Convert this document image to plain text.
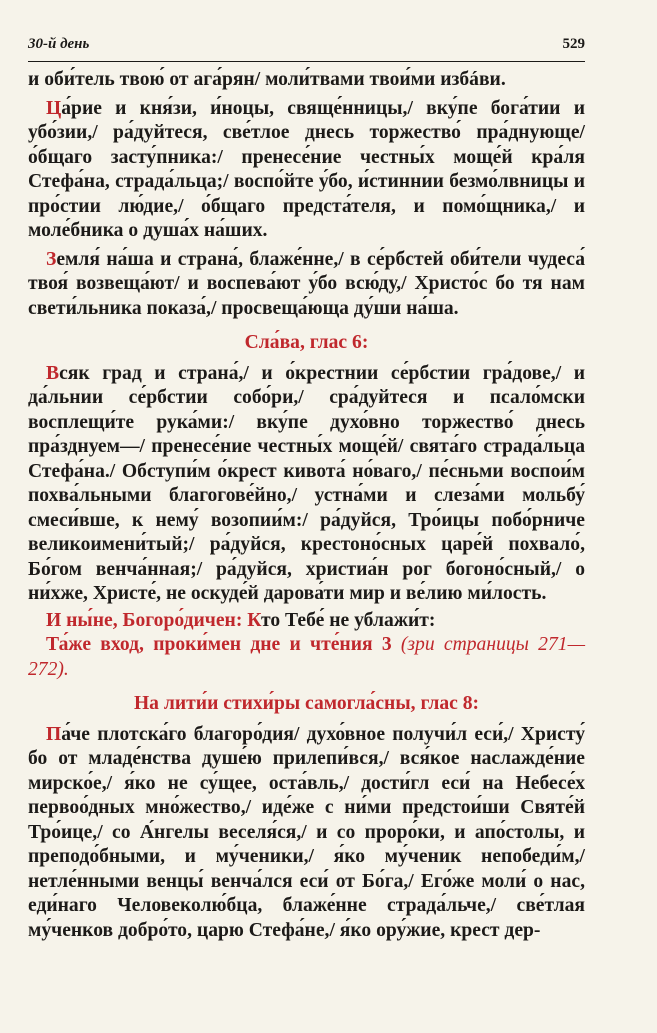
30-й день	529

и оби́тель твою́ от ага́рян/ моли́твами твои́ми избáви.

Ца́рие и кня́зи, и́ноцы, свяще́нницы,/ вку́пе бога́тии и убо́зии,/ ра́дуйтеся, све́тлое днесь торжество́ пра́днующе/ о́бщаго засту́пника:/ пренесе́ние честны́х моще́й кра́ля Стефа́на, страда́льца;/ воспо́йте у́бо, и́стиннии безмо́лвницы и про́стии лю́дие,/ о́бщаго предста́теля, и помо́щника,/ и моле́бника о душа́х на́ших.

Земля́ на́ша и страна́, блаже́нне,/ в се́рбстей оби́тели чудеса́ твоя́ возвеща́ют/ и воспева́ют у́бо всю́ду,/ Христо́с бо тя нам свети́льника показа́,/ просвеща́юща ду́ши на́ша.

Сла́ва, глас 6:

Всяк град и страна́,/ и о́крестнии се́рбстии гра́дове,/ и да́льнии се́рбстии собо́ри,/ сра́дуйтеся и псало́мски восплещи́те рука́ми:/ вку́пе духо́вно торжество́ днесь пра́зднуем—/ пренесе́ние честны́х моще́й/ свята́го страда́льца Стефа́на./ Обступи́м о́крест кивота́ но́ваго,/ пе́сньми воспои́м похва́льными благогове́йно,/ устна́ми и слеза́ми мольбу́ смеси́вше, к нему́ возопии́м:/ ра́дуйся, Тро́ицы побо́рниче великоимени́тый;/ ра́дуйся, крестоно́сных царе́й похвало́, Бо́гом венча́нная;/ ра́дуйся, христиа́н рог богоно́сный,/ о ни́хже, Христе́, не оскуде́й дарова́ти мир и ве́лию ми́лость.

И ны́не, Богоро́дичен: Кто Тебе́ не ублажи́т:

Та́же вход, проки́мен дне и чте́ния 3 (зри страницы 271—272).

На лити́и стихи́ры самогла́сны, глас 8:

Па́че плотска́го благоро́дия/ духо́вное получи́л еси́,/ Христу́ бо от младе́нства душе́ю прилепи́вся,/ вся́кое наслажде́ние мирско́е,/ я́ко не су́щее, оста́вль,/ дости́гл еси́ на Небесе́х первоо́дных мно́жество,/ иде́же с ни́ми предстои́ши Святе́й Тро́ице,/ со А́нгелы веселя́ся,/ и со проро́ки, и апо́столы, и преподо́бными, и му́ченики,/ я́ко му́ченик непобеди́м,/ нетле́нными венцы́ венча́лся еси́ от Бо́га,/ Его́же моли́ о нас, еди́наго Человеколю́бца, блаже́нне страда́льче,/ све́тлая му́ченков добро́то, царю Стефа́не,/ я́ко ору́жие, крест дер-
